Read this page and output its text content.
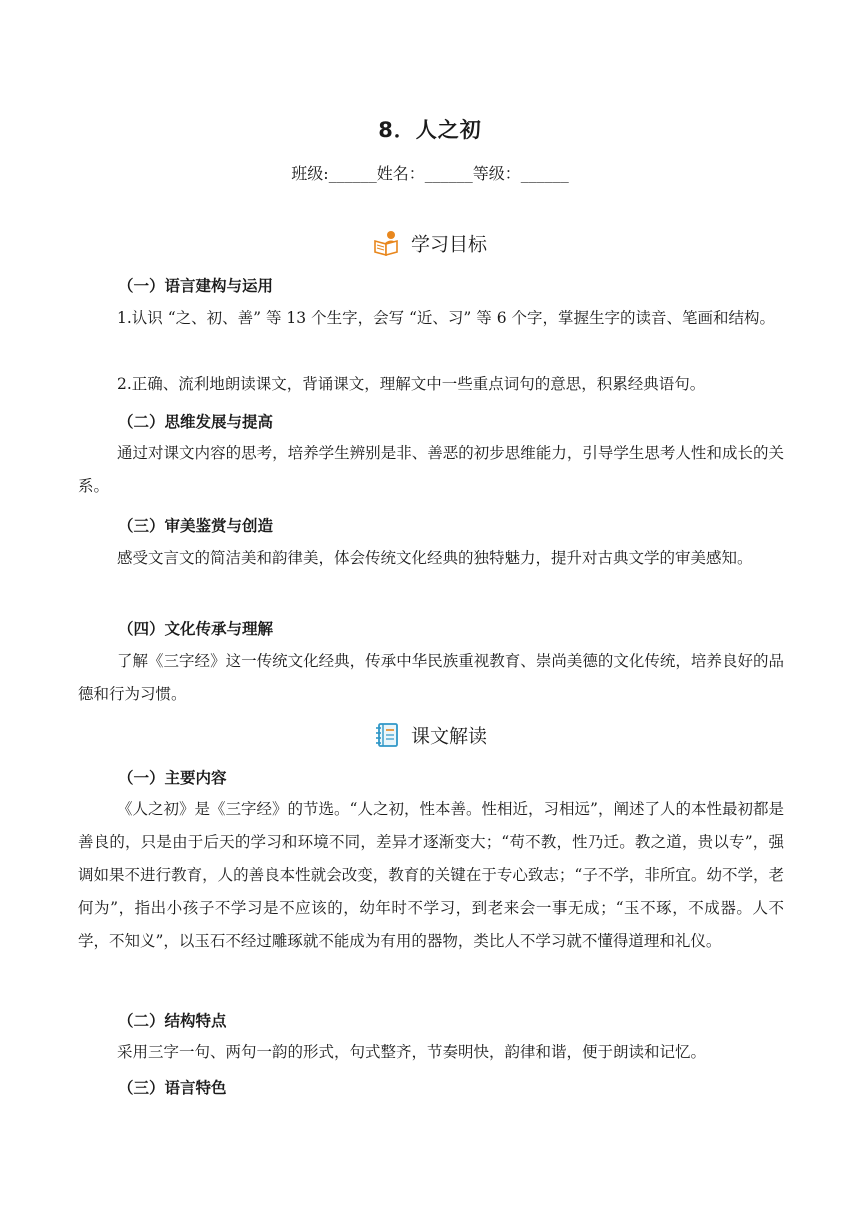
8．人之初
班级:______姓名：______等级：______
学习目标
（一）语言建构与运用
1.认识 “之、初、善” 等 13 个生字，会写 “近、习” 等 6 个字，掌握生字的读音、笔画和结构。
2.正确、流利地朗读课文，背诵课文，理解文中一些重点词句的意思，积累经典语句。
（二）思维发展与提高
通过对课文内容的思考，培养学生辨别是非、善恶的初步思维能力，引导学生思考人性和成长的关系。
（三）审美鉴赏与创造
感受文言文的简洁美和韵律美，体会传统文化经典的独特魅力，提升对古典文学的审美感知。
（四）文化传承与理解
了解《三字经》这一传统文化经典，传承中华民族重视教育、崇尚美德的文化传统，培养良好的品德和行为习惯。
课文解读
（一）主要内容
《人之初》是《三字经》的节选。“人之初，性本善。性相近，习相远”，阐述了人的本性最初都是善良的，只是由于后天的学习和环境不同，差异才逐渐变大；“苟不教，性乃迁。教之道，贵以专”，强调如果不进行教育，人的善良本性就会改变，教育的关键在于专心致志；“子不学，非所宜。幼不学，老何为”，指出小孩子不学习是不应该的，幼年时不学习，到老来会一事无成；“玉不琢，不成器。人不学，不知义”，以玉石不经过雕琢就不能成为有用的器物，类比人不学习就不懂得道理和礼仪。
（二）结构特点
采用三字一句、两句一韵的形式，句式整齐，节奏明快，韵律和谐，便于朗读和记忆。
（三）语言特色
